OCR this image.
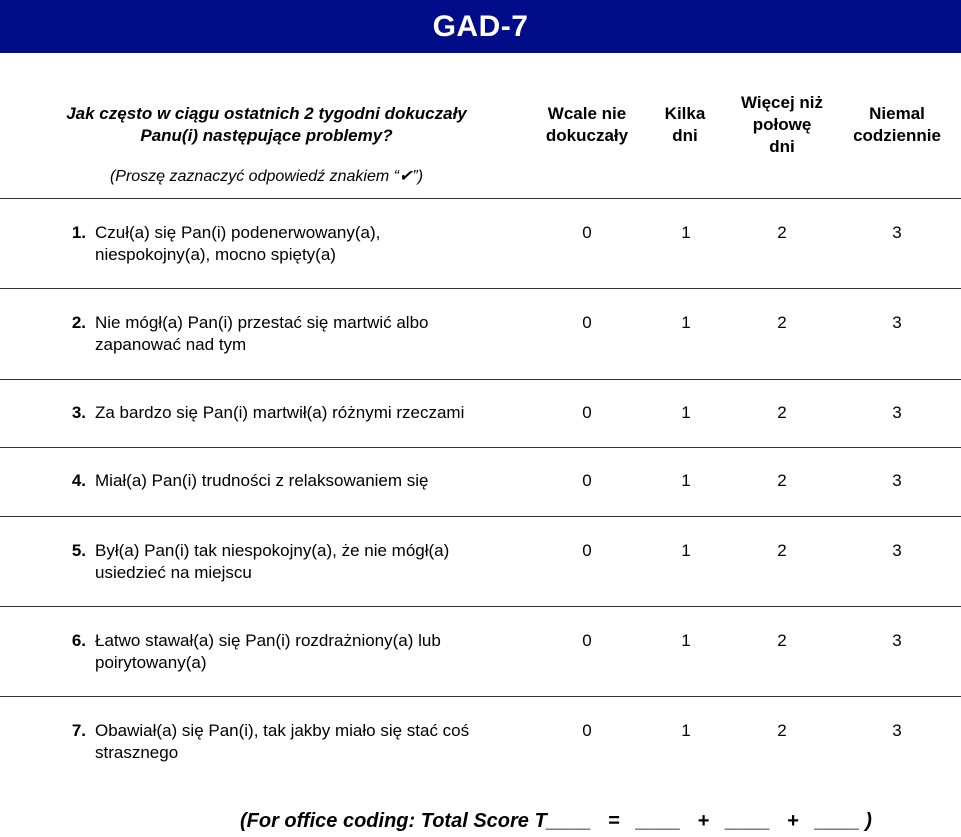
GAD-7
Jak często w ciągu ostatnich 2 tygodni dokuczały
Panu(i) następujące problemy?
(Proszę zaznaczyć odpowiedź znakiem “✔”)
Wcale nie
dokuczały
Kilka
dni
Więcej niż
połowę
dni
Niemal
codziennie
1. Czuł(a) się Pan(i) podenerwowany(a),
niespokojny(a), mocno spięty(a)
0	1	2	3
2. Nie mógł(a) Pan(i) przestać się martwić albo
zapanować nad tym
0	1	2	3
3. Za bardzo się Pan(i) martwił(a) różnymi rzeczami	0	1	2	3
4. Miał(a) Pan(i) trudności z relaksowaniem się	0	1	2	3
5. Był(a) Pan(i) tak niespokojny(a), że nie mógł(a)
usiedzieć na miejscu
0	1	2	3
6. Łatwo stawał(a) się Pan(i) rozdrażniony(a) lub
poirytowany(a)
0	1	2	3
7. Obawiał(a) się Pan(i), tak jakby miało się stać coś
strasznego
0	1	2	3
(For office coding: Total Score T____   =   ____   +   ____   +   ____ )
